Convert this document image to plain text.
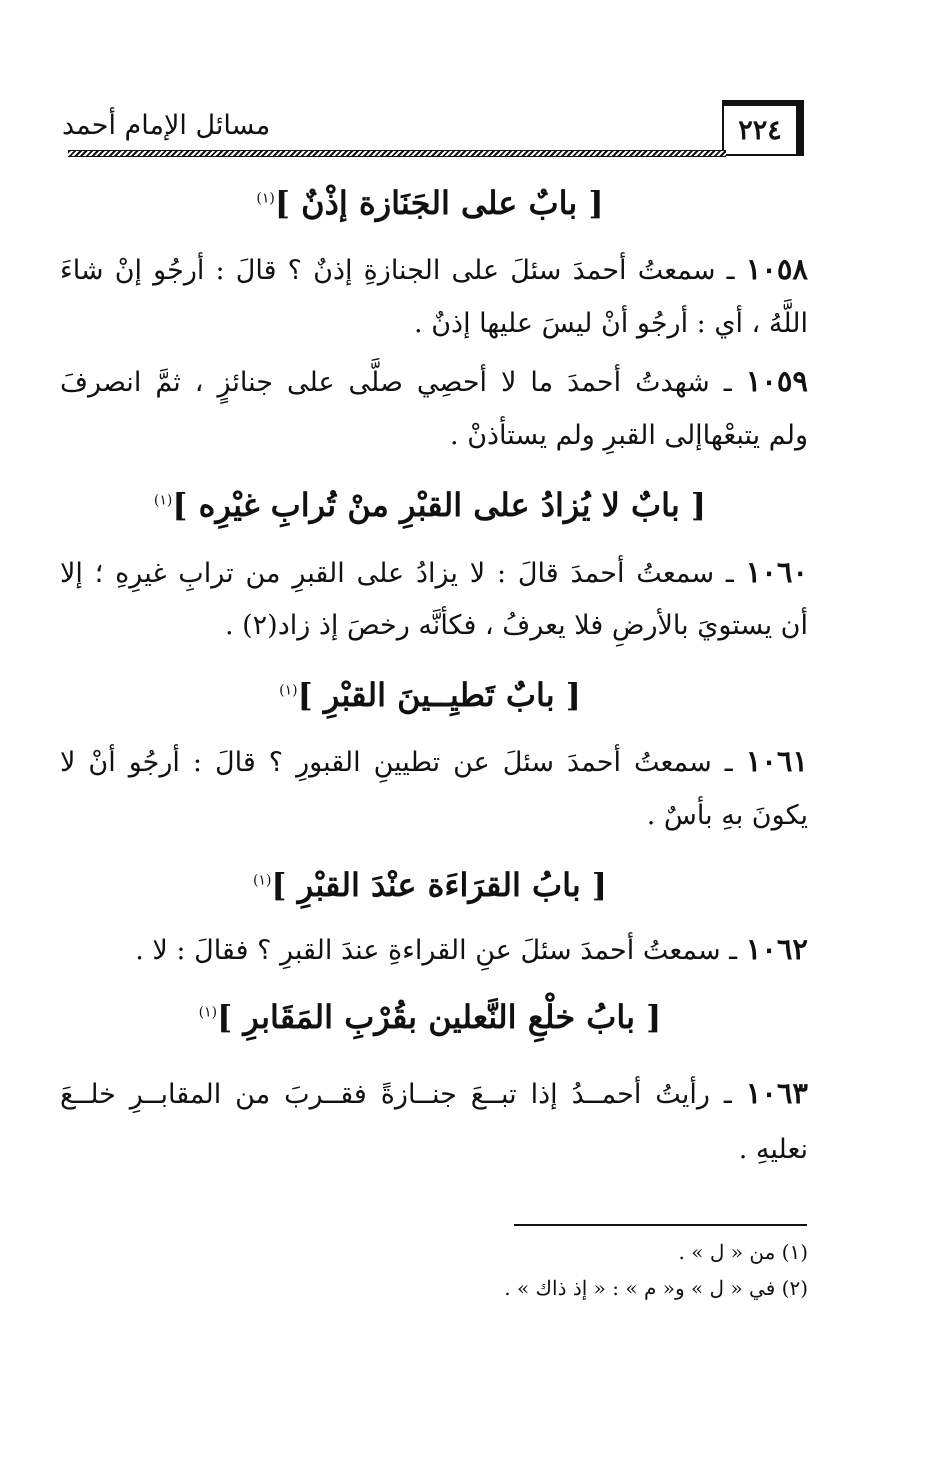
مسائل الإمام أحمد	٢٢٤
[ بابٌ على الجَنَازة إذْنٌ ]$^{(١)}$
١٠٥٨ ـ سمعتُ أحمدَ سئلَ على الجنازةِ إذنٌ ؟ قالَ : أرجُو إنْ شاءَ
اللَّهُ ، أي : أرجُو أنْ ليسَ عليها إذنٌ .
١٠٥٩ ـ شهدتُ أحمدَ ما لا أحصِي صلَّى على جنائزٍ ، ثمَّ انصرفَ
ولم يتبعْهاإلى القبرِ ولم يستأذنْ .
[ بابٌ لا يُزادُ على القبْرِ منْ تُرابِ غيْرِه ]$^{(١)}$
١٠٦٠ ـ سمعتُ أحمدَ قالَ : لا يزادُ على القبرِ من ترابِ غيرِهِ ؛ إلا
أن يستويَ بالأرضِ فلا يعرفُ ، فكأنَّه رخصَ إذ زاد(٢) .
[ بابٌ تَطيِــينَ القبْرِ ]$^{(١)}$
١٠٦١ ـ سمعتُ أحمدَ سئلَ عن تطيينِ القبورِ ؟ قالَ : أرجُو أنْ لا
يكونَ بهِ بأسٌ .
[ بابُ القرَاءَة عنْدَ القبْرِ ]$^{(١)}$
١٠٦٢ ـ سمعتُ أحمدَ سئلَ عنِ القراءةِ عندَ القبرِ ؟ فقالَ : لا .
[ بابُ خلْعِ النَّعلين بقُرْبِ المَقَابرِ ]$^{(١)}$
١٠٦٣ ـ رأيتُ أحمــدُ إذا تبــعَ جنــازةً فقــربَ من المقابــرِ خلــعَ
نعليهِ .
(١) من « ل » .
(٢) في « ل » و« م » : « إذ ذاك » .
